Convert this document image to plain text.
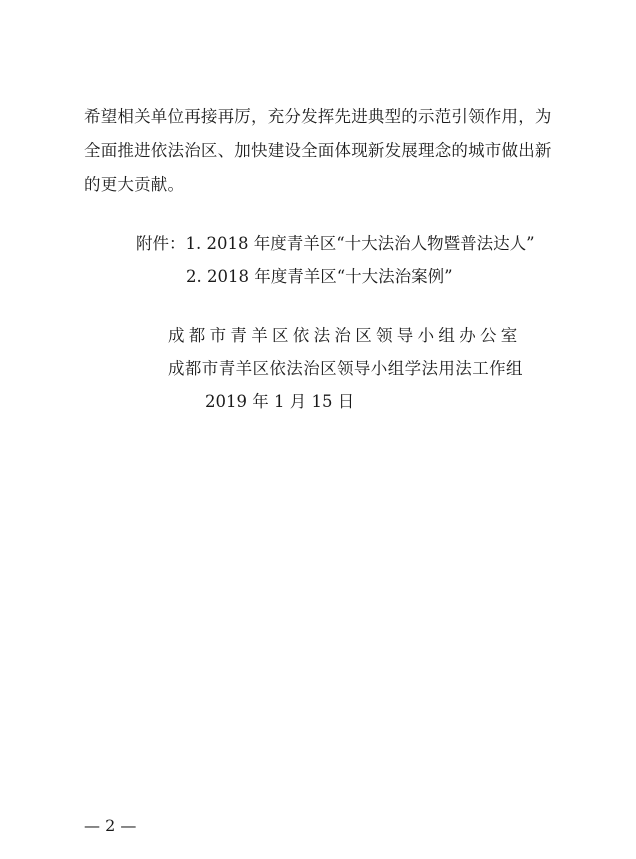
希望相关单位再接再厉，充分发挥先进典型的示范引领作用，为
全面推进依法治区、加快建设全面体现新发展理念的城市做出新
的更大贡献。
附件：1. 2018 年度青羊区“十大法治人物暨普法达人”
2. 2018 年度青羊区“十大法治案例”
成都市青羊区依法治区领导小组办公室
成都市青羊区依法治区领导小组学法用法工作组
2019 年 1 月 15 日
— 2 —
